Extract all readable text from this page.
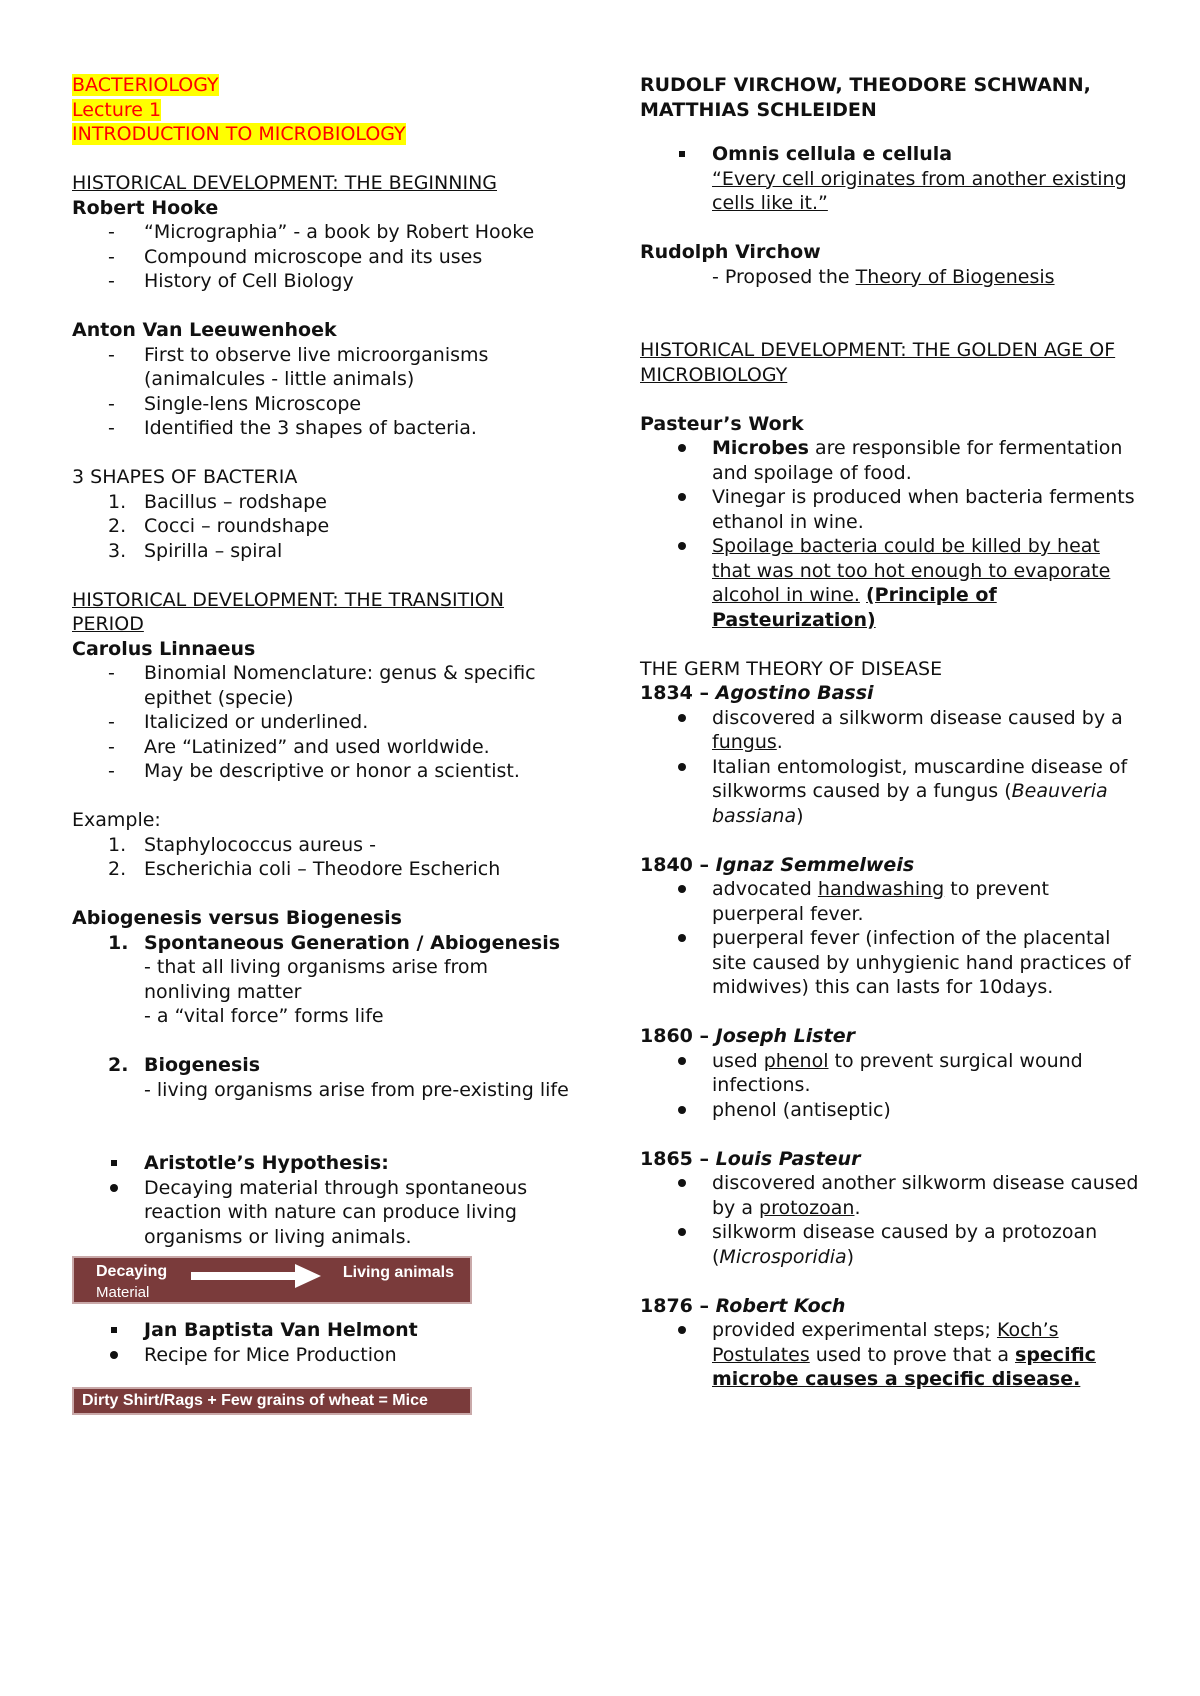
BACTERIOLOGY

Lecture 1

INTRODUCTION TO MICROBIOLOGY

HISTORICAL DEVELOPMENT: THE BEGINNING

Robert Hooke

- “Micrographia” - a book by Robert Hooke
- Compound microscope and its uses
- History of Cell Biology

Anton Van Leeuwenhoek

- First to observe live microorganisms (animalcules - little animals)
- Single-lens Microscope
- Identified the 3 shapes of bacteria.

3 SHAPES OF BACTERIA

1. Bacillus – rodshape
2. Cocci – roundshape
3. Spirilla – spiral

HISTORICAL DEVELOPMENT: THE TRANSITION PERIOD

Carolus Linnaeus

- Binomial Nomenclature: genus & specific epithet (specie)
- Italicized or underlined.
- Are “Latinized” and used worldwide.
- May be descriptive or honor a scientist.

Example:

1. Staphylococcus aureus -
2. Escherichia coli – Theodore Escherich

Abiogenesis versus Biogenesis

1. Spontaneous Generation / Abiogenesis

- that all living organisms arise from nonliving matter

- a “vital force” forms life

2. Biogenesis

- living organisms arise from pre-existing life

Aristotle’s Hypothesis:
Decaying material through spontaneous reaction with nature can produce living organisms or living animals.
Decaying
Material
Living animals
Jan Baptista Van Helmont
Recipe for Mice Production
Dirty Shirt/Rags + Few grains of wheat = Mice

RUDOLF VIRCHOW, THEODORE SCHWANN, MATTHIAS SCHLEIDEN

Omnis cellula e cellula

“Every cell originates from another existing cells like it.”

Rudolph Virchow

- Proposed the Theory of Biogenesis

HISTORICAL DEVELOPMENT: THE GOLDEN AGE OF MICROBIOLOGY

Pasteur’s Work

Microbes are responsible for fermentation and spoilage of food.
Vinegar is produced when bacteria ferments ethanol in wine.
Spoilage bacteria could be killed by heat that was not too hot enough to evaporate alcohol in wine. (Principle of Pasteurization)

THE GERM THEORY OF DISEASE

1834 – Agostino Bassi

discovered a silkworm disease caused by a fungus.
Italian entomologist, muscardine disease of silkworms caused by a fungus (Beauveria bassiana)

1840 – Ignaz Semmelweis

advocated handwashing to prevent puerperal fever.
puerperal fever (infection of the placental site caused by unhygienic hand practices of midwives) this can lasts for 10days.

1860 – Joseph Lister

used phenol to prevent surgical wound infections.
phenol (antiseptic)

1865 – Louis Pasteur

discovered another silkworm disease caused by a protozoan.
silkworm disease caused by a protozoan (Microsporidia)

1876 – Robert Koch

provided experimental steps; Koch’s Postulates used to prove that a specific microbe causes a specific disease.
